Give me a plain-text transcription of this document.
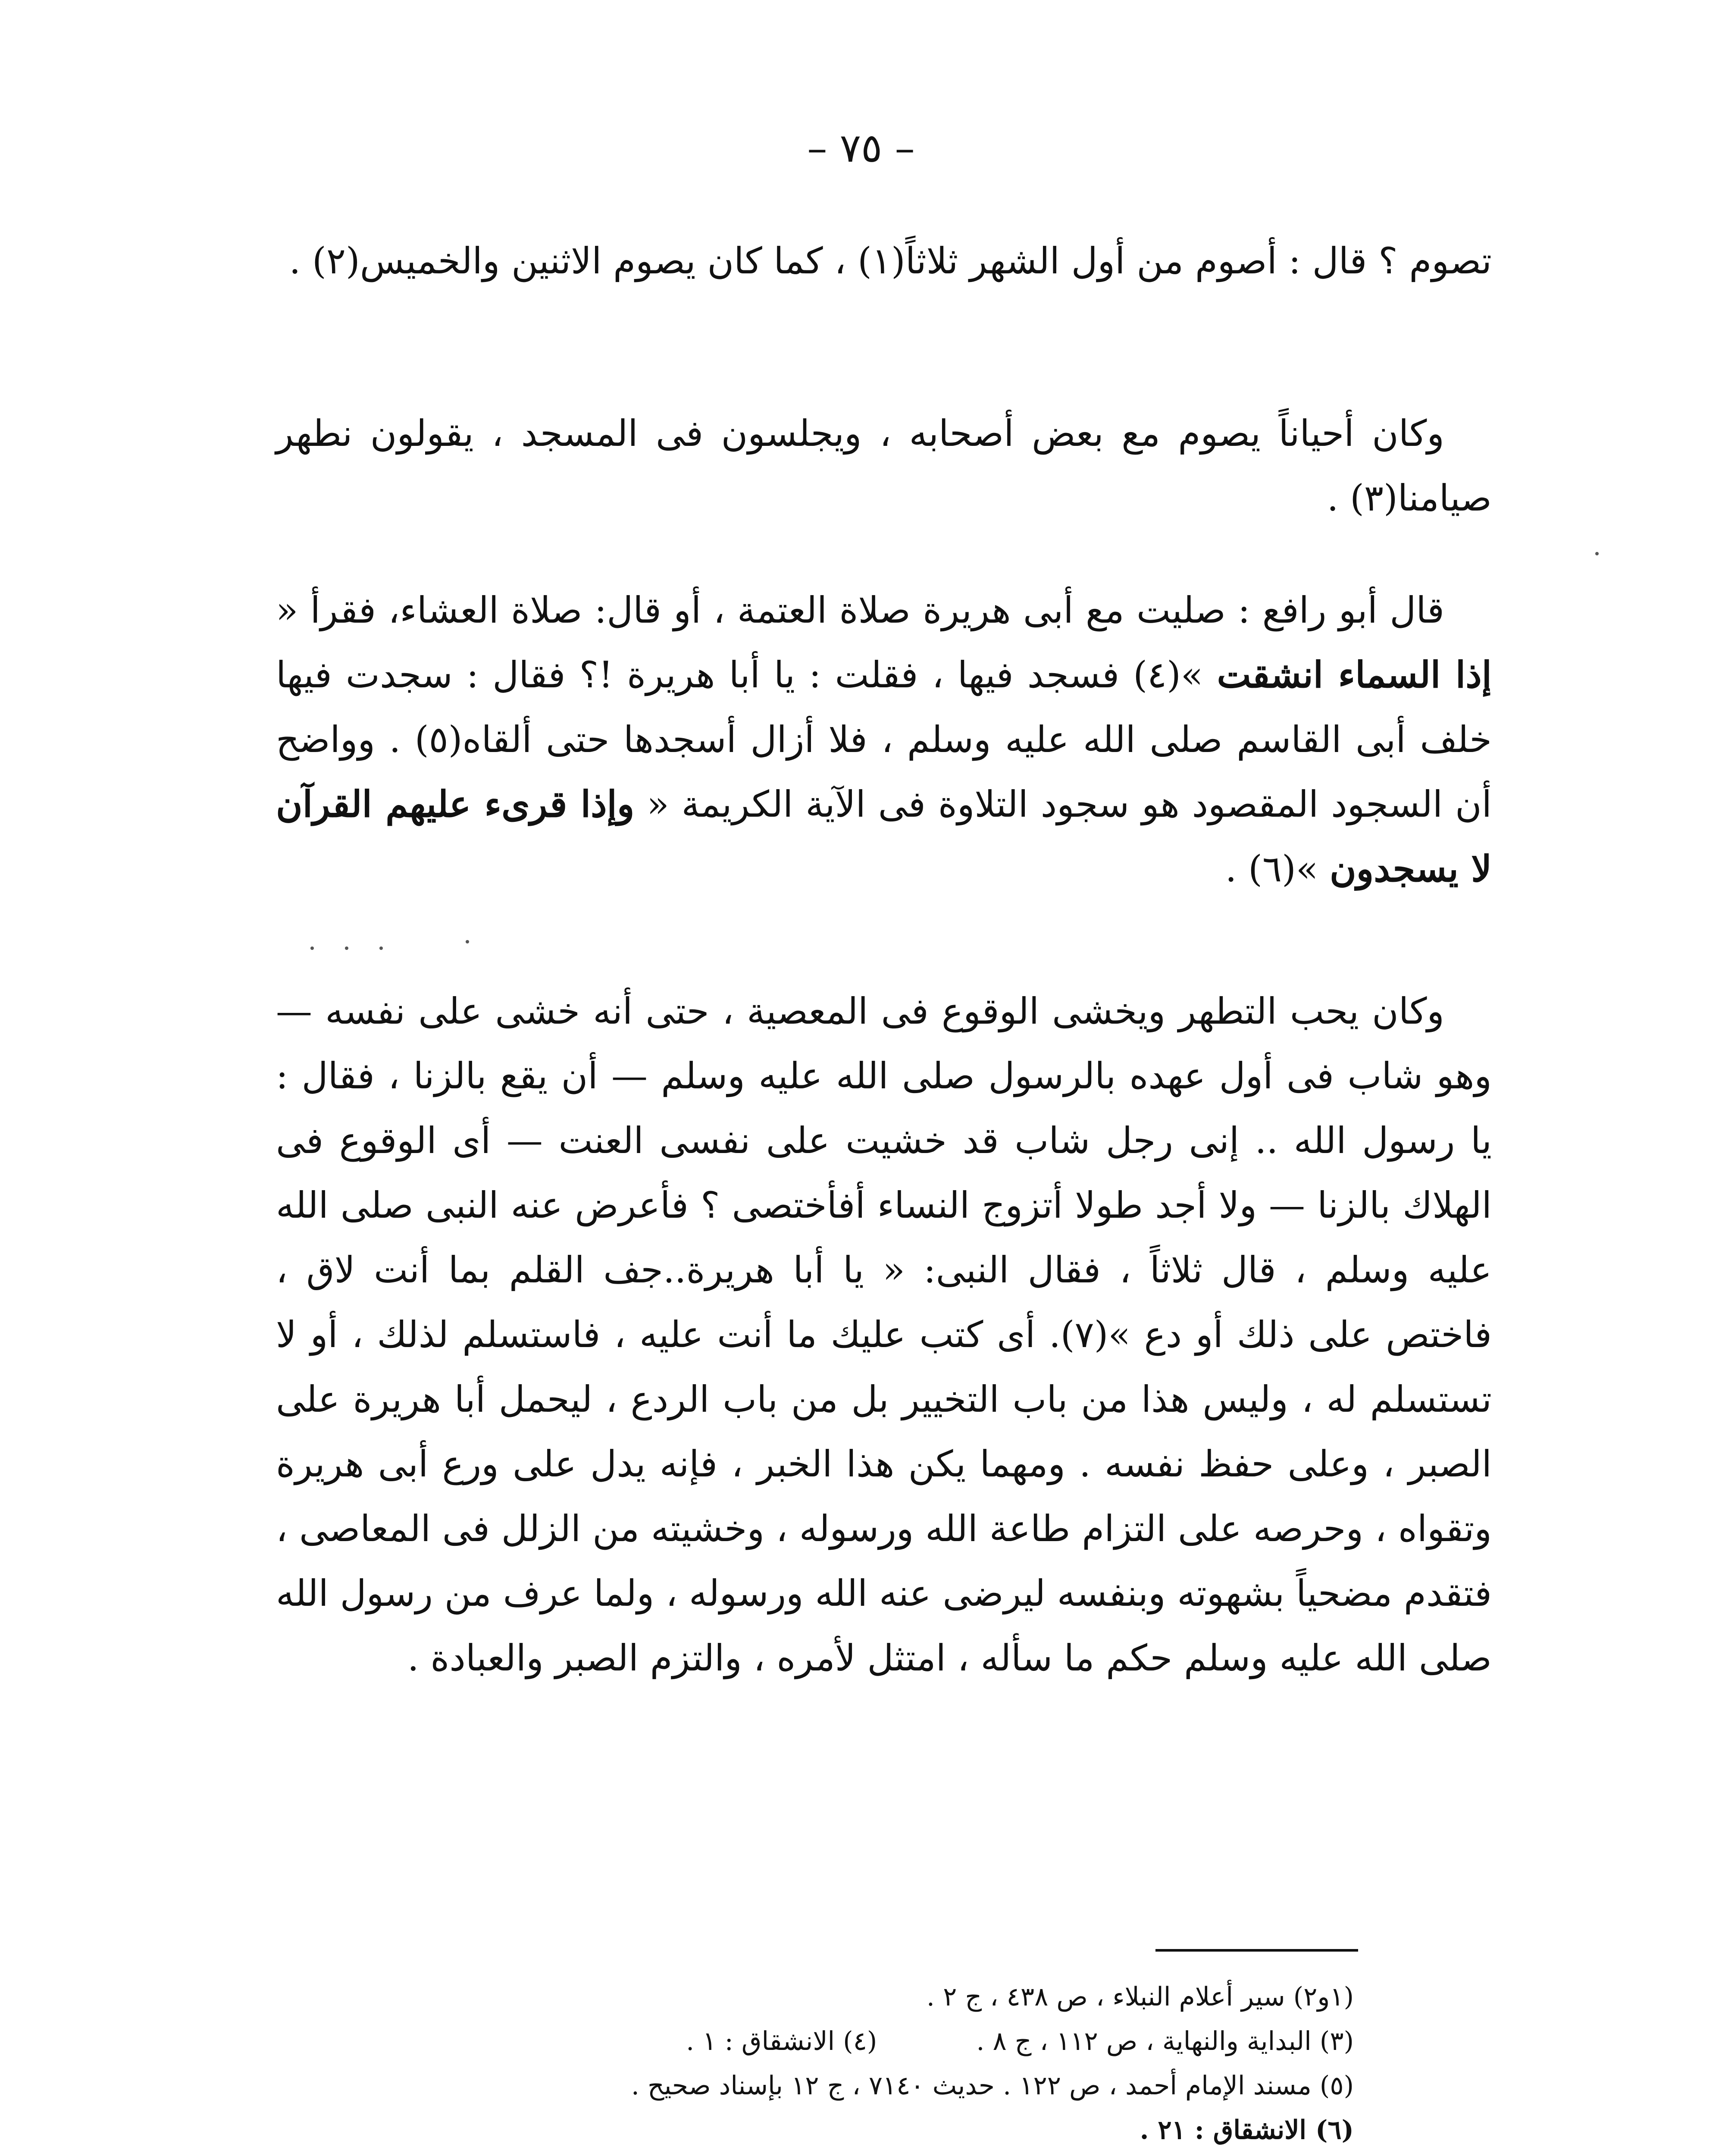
– ٧٥ –

تصوم ؟ قال : أصوم من أول الشهر ثلاثاً(١) ، كما كان يصوم الاثنين والخميس(٢) .

وكان أحياناً يصوم مع بعض أصحابه ، ويجلسون فى المسجد ، يقولون نطهر صيامنا(٣) .

قال أبو رافع : صليت مع أبى هريرة صلاة العتمة ، أو قال: صلاة العشاء، فقرأ « إذا السماء انشقت »(٤) فسجد فيها ، فقلت : يا أبا هريرة !؟ فقال : سجدت فيها خلف أبى القاسم صلى الله عليه وسلم ، فلا أزال أسجدها حتى ألقاه(٥) . وواضح أن السجود المقصود هو سجود التلاوة فى الآية الكريمة « وإذا قرىء عليهم القرآن لا يسجدون »(٦) .

وكان يحب التطهر ويخشى الوقوع فى المعصية ، حتى أنه خشى على نفسه — وهو شاب فى أول عهده بالرسول صلى الله عليه وسلم — أن يقع بالزنا ، فقال : يا رسول الله .. إنى رجل شاب قد خشيت على نفسى العنت — أى الوقوع فى الهلاك بالزنا — ولا أجد طولا أتزوج النساء أفأختصى ؟ فأعرض عنه النبى صلى الله عليه وسلم ، قال ثلاثاً ، فقال النبى: « يا أبا هريرة..جف القلم بما أنت لاق ، فاختص على ذلك أو دع »(٧). أى كتب عليك ما أنت عليه ، فاستسلم لذلك ، أو لا تستسلم له ، وليس هذا من باب التخيير بل من باب الردع ، ليحمل أبا هريرة على الصبر ، وعلى حفظ نفسه . ومهما يكن هذا الخبر ، فإنه يدل على ورع أبى هريرة وتقواه ، وحرصه على التزام طاعة الله ورسوله ، وخشيته من الزلل فى المعاصى ، فتقدم مضحياً بشهوته وبنفسه ليرضى عنه الله ورسوله ، ولما عرف من رسول الله صلى الله عليه وسلم حكم ما سأله ، امتثل لأمره ، والتزم الصبر والعبادة .

(١و٢) سير أعلام النبلاء ، ص ٤٣٨ ، ج ٢ .
(٣) البداية والنهاية ، ص ١١٢ ، ج ٨ .(٤) الانشقاق : ١ .
(٥) مسند الإمام أحمد ، ص ١٢٢ . حديث ٧١٤٠ ، ج ١٢ بإسناد صحيح .
(٦) الانشقاق : ٢١ .
